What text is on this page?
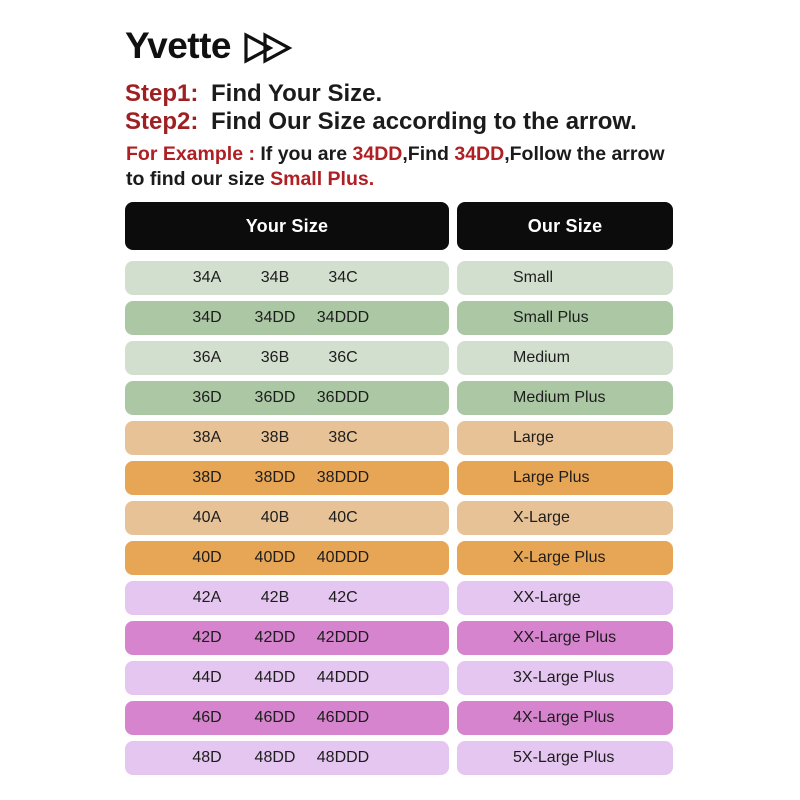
Yvette
Step1: Find Your Size.
Step2: Find Our Size according to the arrow.

For Example : If you are 34DD,Find 34DD,Follow the arrow to find our size Small Plus.

Your Size	Our Size
34A	34B	34C	Small
34D	34DD	34DDD	Small Plus
36A	36B	36C	Medium
36D	36DD	36DDD	Medium Plus
38A	38B	38C	Large
38D	38DD	38DDD	Large Plus
40A	40B	40C	X-Large
40D	40DD	40DDD	X-Large Plus
42A	42B	42C	XX-Large
42D	42DD	42DDD	XX-Large Plus
44D	44DD	44DDD	3X-Large Plus
46D	46DD	46DDD	4X-Large Plus
48D	48DD	48DDD	5X-Large Plus
